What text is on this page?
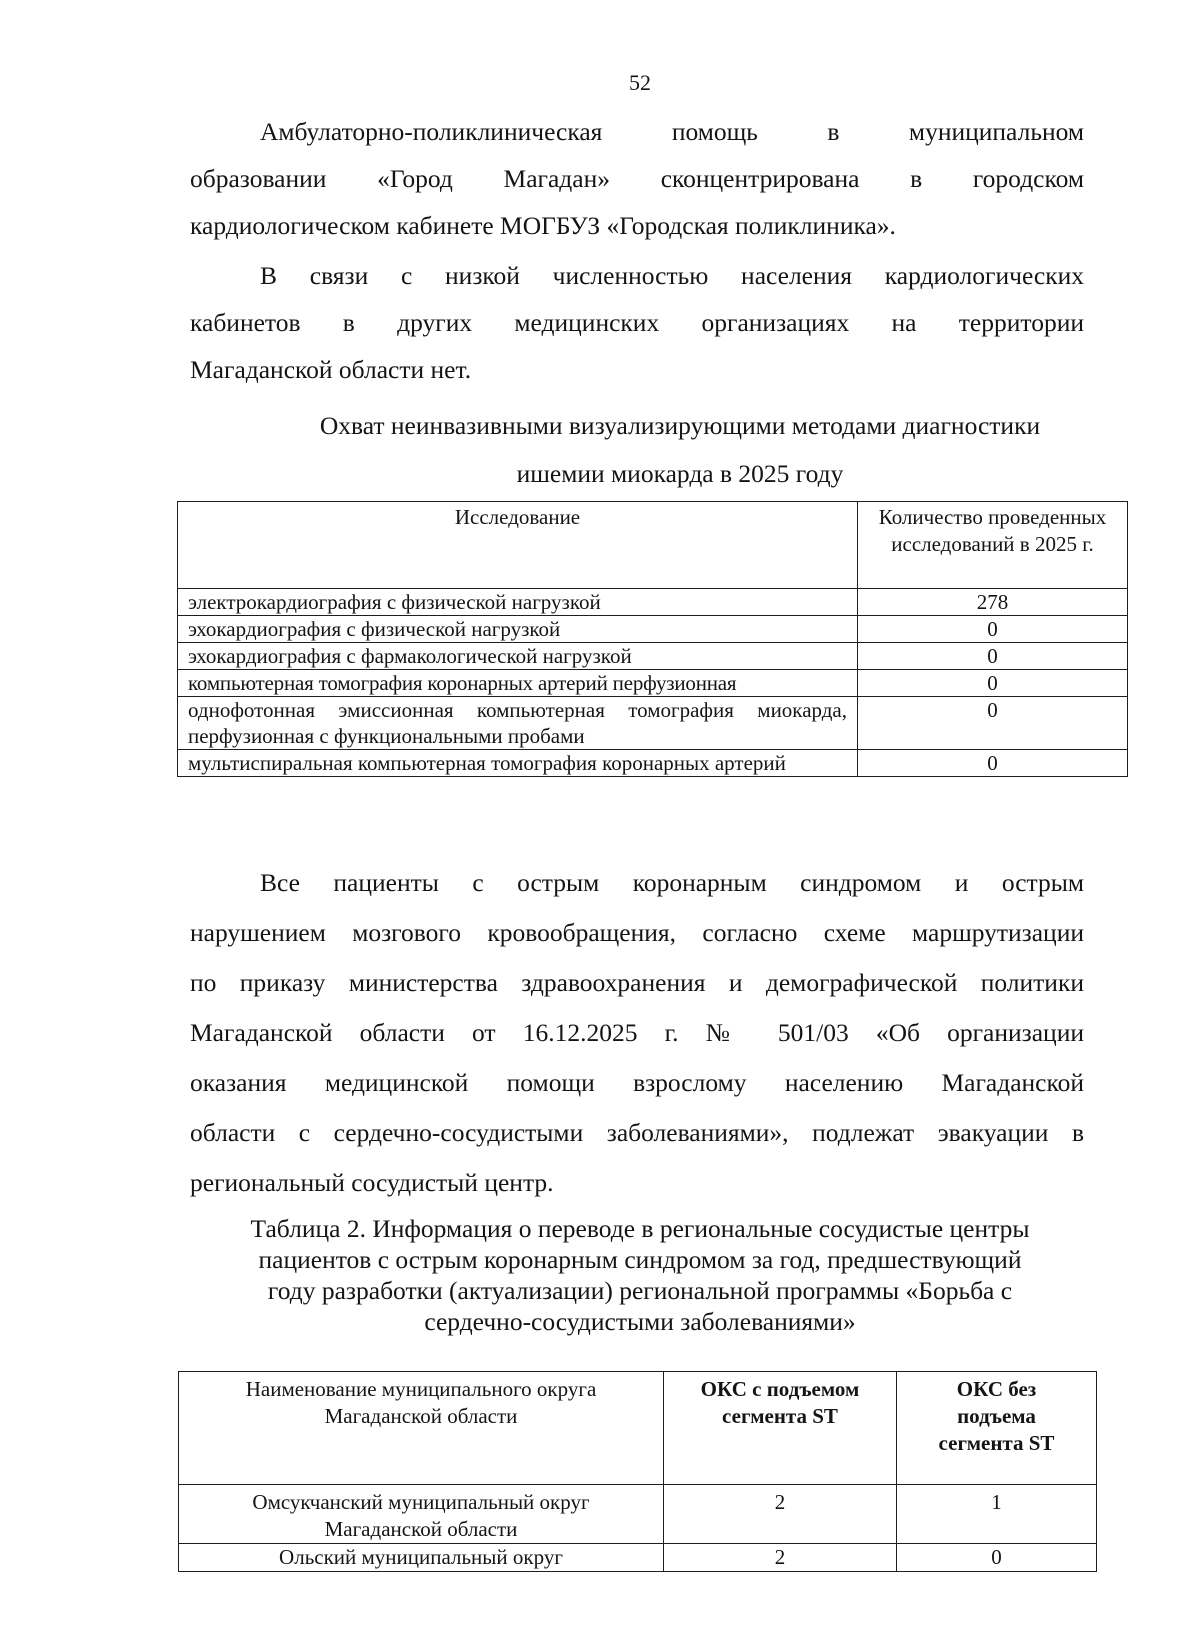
52
Амбулаторно-поликлиническая помощь в муниципальном
образовании «Город Магадан» сконцентрирована в городском
кардиологическом кабинете МОГБУЗ «Городская поликлиника».
В связи с низкой численностью населения кардиологических
кабинетов в других медицинских организациях на территории
Магаданской области нет.
Охват неинвазивными визуализирующими методами диагностики
ишемии миокарда в 2025 году
Исследование	Количество проведенных исследований в 2025 г.
электрокардиография с физической нагрузкой	278
эхокардиография с физической нагрузкой	0
эхокардиография с фармакологической нагрузкой	0
компьютерная томография коронарных артерий перфузионная	0
однофотонная эмиссионная компьютерная томография миокарда, перфузионная с функциональными пробами	0
мультиспиральная компьютерная томография коронарных артерий	0
Все пациенты с острым коронарным синдромом и острым
нарушением мозгового кровообращения, согласно схеме маршрутизации
по приказу министерства здравоохранения и демографической политики
Магаданской области от 16.12.2025 г. № 501/03 «Об организации
оказания медицинской помощи взрослому населению Магаданской
области с сердечно-сосудистыми заболеваниями», подлежат эвакуации в
региональный сосудистый центр.
Таблица 2. Информация о переводе в региональные сосудистые центры
пациентов с острым коронарным синдромом за год, предшествующий
году разработки (актуализации) региональной программы «Борьба с
сердечно-сосудистыми заболеваниями»
Наименование муниципального округа Магаданской области	ОКС с подъемом сегмента ST	ОКС без подъема сегмента ST
Омсукчанский муниципальный округ Магаданской области	2	1
Ольский муниципальный округ	2	0
